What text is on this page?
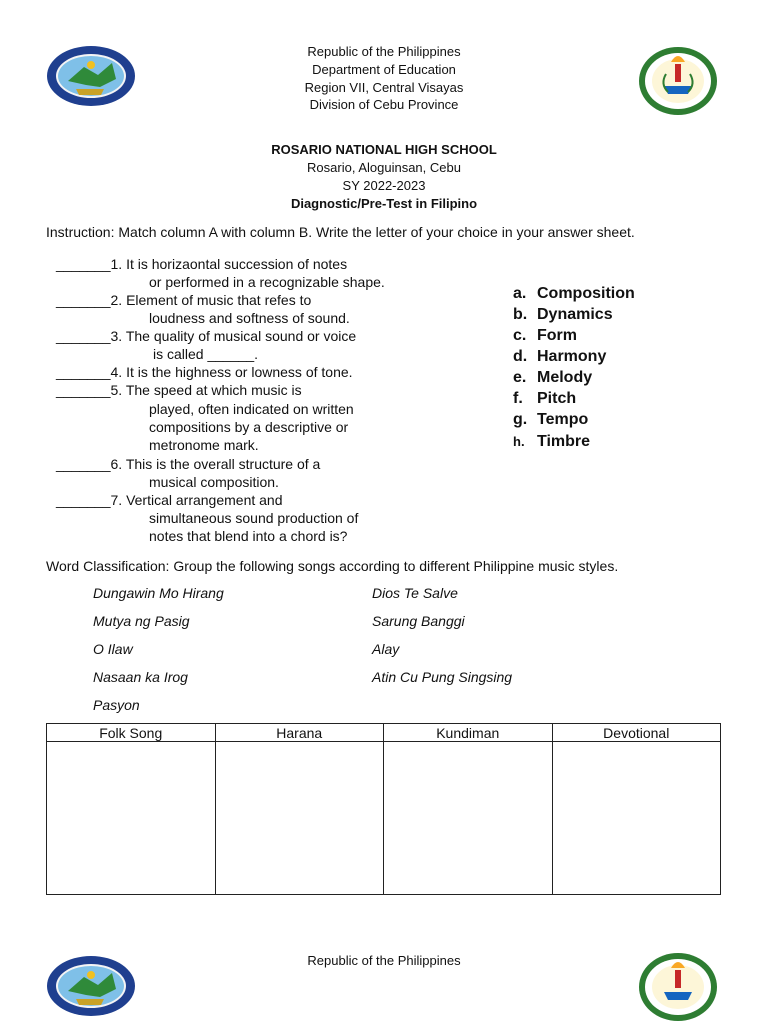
Republic of the Philippines
Department of Education
Region VII, Central Visayas
Division of Cebu Province
ROSARIO NATIONAL HIGH SCHOOL
Rosario, Aloguinsan, Cebu
SY 2022-2023
Diagnostic/Pre-Test in Filipino
Instruction: Match column A with column B. Write the letter of your choice in your answer sheet.
_______1. It is horizaontal succession of notes
or performed in a recognizable shape.
_______2. Element of music that refes to
loudness and softness of sound.
_______3. The quality of musical sound or voice
is called ______.
_______4. It is the highness or lowness of tone.
_______5. The speed at which music is
played, often indicated on written
compositions by a descriptive or
metronome mark.
_______6. This is the overall structure of a
musical composition.
_______7. Vertical arrangement and
simultaneous sound production of
notes that blend into a chord is?
a. Composition
b. Dynamics
c. Form
d. Harmony
e. Melody
f. Pitch
g. Tempo
h. Timbre
Word Classification: Group the following songs according to different Philippine music styles.
Dungawin Mo Hirang
Mutya ng Pasig
O Ilaw
Nasaan ka Irog
Pasyon
Dios Te Salve
Sarung Banggi
Alay
Atin Cu Pung Singsing
Folk Song	Harana	Kundiman	Devotional

Republic of the Philippines
